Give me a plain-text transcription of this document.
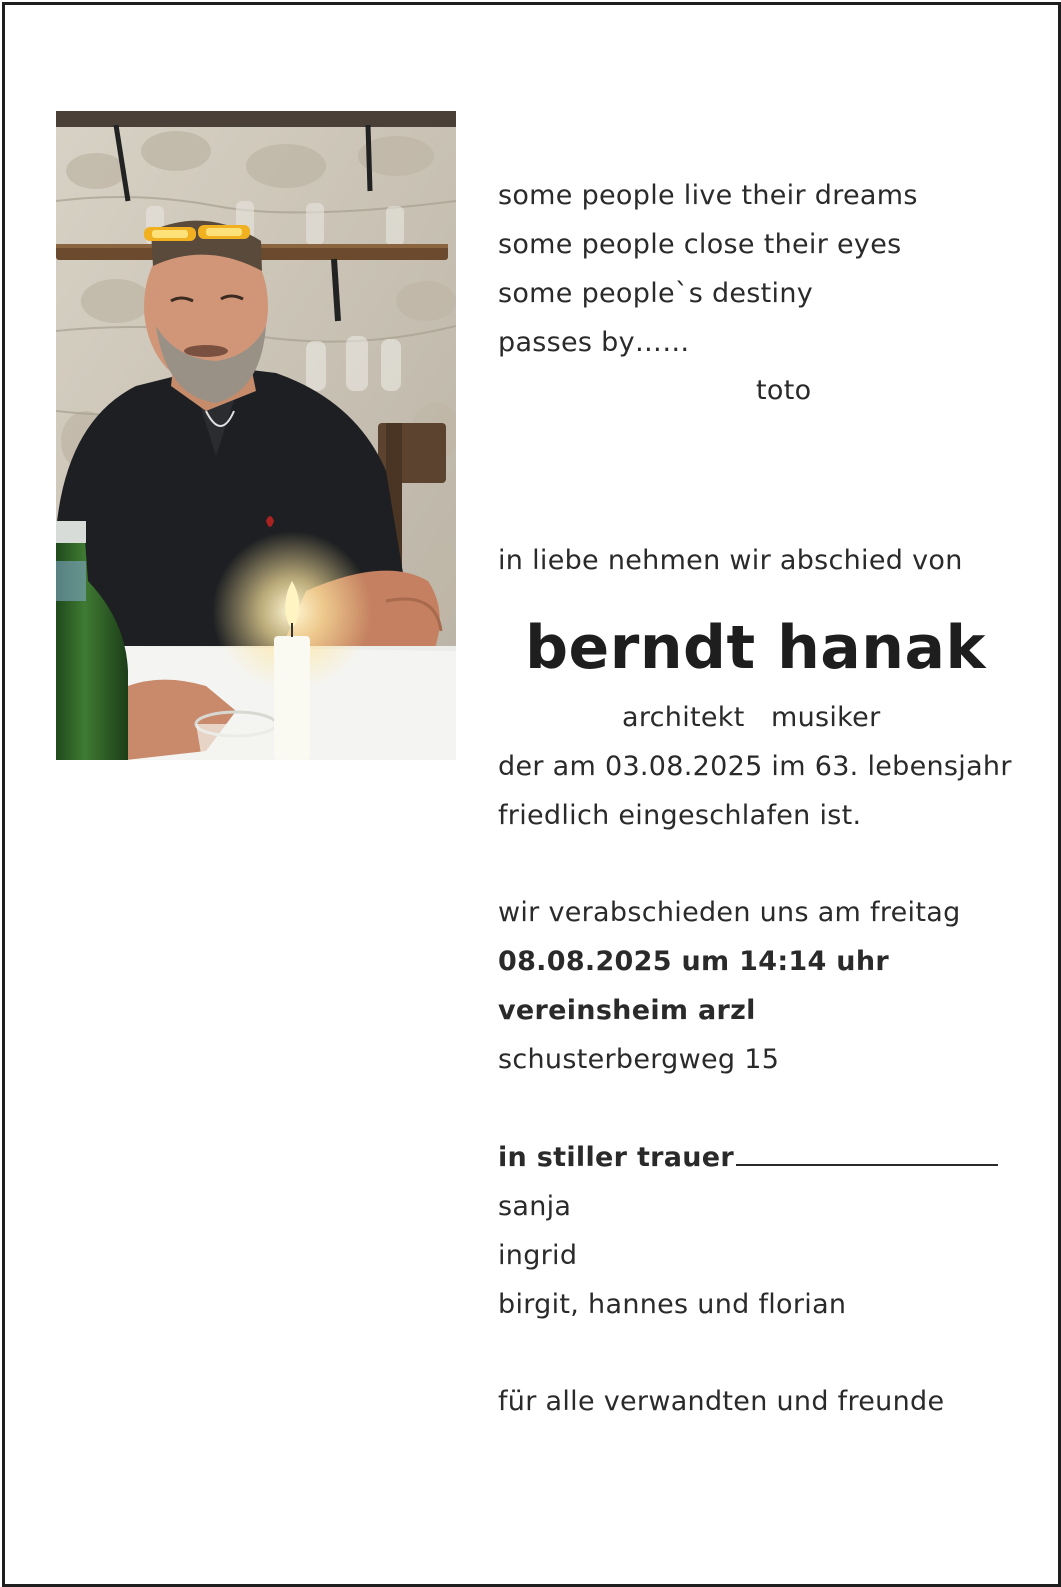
some people live their dreams
some people close their eyes
some people`s destiny
passes by……
toto
in liebe nehmen wir abschied von
berndt hanak
architekt musiker
der am 03.08.2025 im 63. lebensjahr
friedlich eingeschlafen ist.
wir verabschieden uns am freitag
08.08.2025 um 14:14 uhr
vereinsheim arzl
schusterbergweg 15
in stiller trauer
sanja
ingrid
birgit, hannes und florian
für alle verwandten und freunde
